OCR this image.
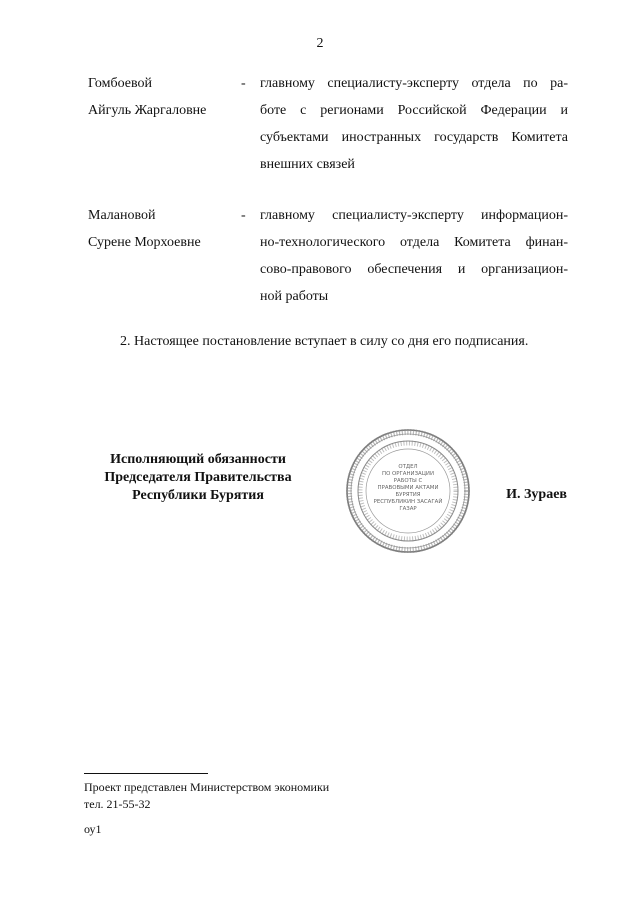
2
Гомбоевой
Айгуль Жаргаловне
- главному специалисту-эксперту отдела по ра-
боте с регионами Российской Федерации и
субъектами иностранных государств Комитета
внешних связей
Малановой
Сурене Морхоевне
- главному специалисту-эксперту информацион-
но-технологического отдела Комитета финан-
сово-правового обеспечения и организацион-
ной работы
2. Настоящее постановление вступает в силу со дня его подписания.
Исполняющий обязанности
Председателя Правительства
Республики Бурятия
ОТДЕЛ
ПО ОРГАНИЗАЦИИ
РАБОТЫ С
ПРАВОВЫМИ АКТАМИ
БУРЯТИЯ
РЕСПУБЛИКИН ЗАСАГАЙ
ГАЗАР
И. Зураев
Проект представлен Министерством экономики
тел. 21-55-32
оу1
